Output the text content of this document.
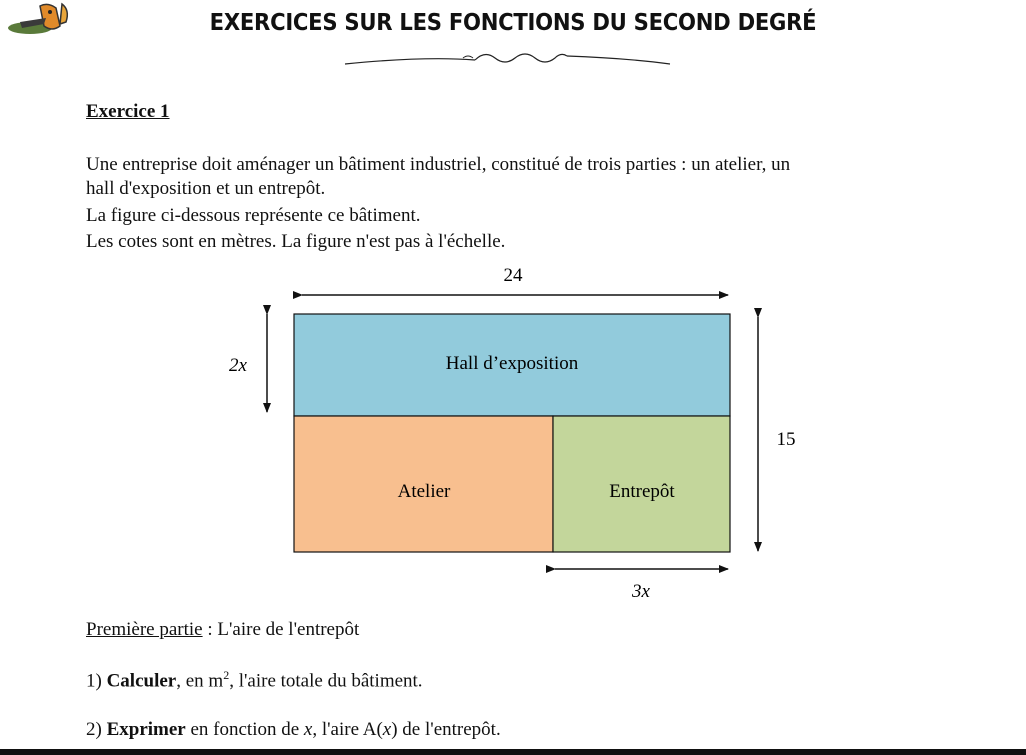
EXERCICES SUR LES FONCTIONS DU SECOND DEGRÉ
Exercice 1
Une entreprise doit aménager un bâtiment industriel, constitué de trois parties : un atelier, un
hall d'exposition et un entrepôt.
La figure ci-dessous représente ce bâtiment.
Les cotes sont en mètres. La figure n'est pas à l'échelle.
24
Hall d’exposition
Atelier	Entrepôt
2x
15
3x
Première partie : L'aire de l'entrepôt
1) Calculer, en $m^2$, l'aire totale du bâtiment.
2) Exprimer en fonction de x, l'aire A(x) de l'entrepôt.
